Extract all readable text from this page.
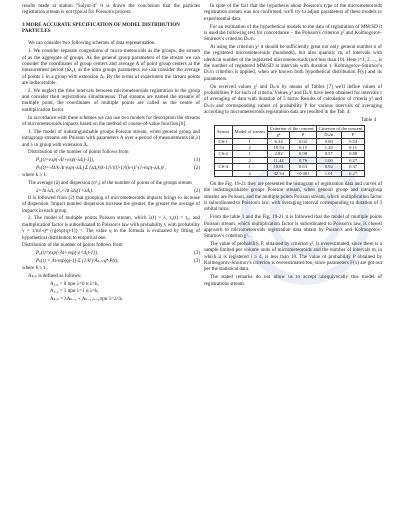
results made at station "Salyut-4" it is drawn the conclusion that the particles registration stream is not typical for Poisson's process.

3 MORE ACCURATE SPECIFICATION OF MODEL DISTRIBUTION PARTICLES

We can consider two following schemes of data representation.

1. We consider separate congestions of micro-meteoroids as the groups, the stream of as the aggregate of groups. As the general group parameters of the stream we can consider the coordinates of group centers and average A of point group centers at the measurement period (δλ₀), as the intra groups parameters we can consider the average of points λ in a group with extension Δᵢ. By the terms of experiment the stream points are indiscernible.

2. We neglect the time intervals between micrometeoroids registration in the group and consider their registrations simultaneous. That streams are named the streams of multiple point, the coordinates of multiple points are called as the centre of multiplication factor.

In accordance with these schemes we can use two models for description the streams of micrometeoroids impacts based on the method of course-of-value function [6].

1. The model of indistinguishable groups Poisson stream, when general group and intragroup streams are Poisson with parameters A over a period of measurements (δt,λ) and λ in group with extension Δᵢ.

Distribution of the number of points follows from

P₀(t)=exp(-Λt+exp(-λΔᵢ)-1]),	(1)
Pₖ(t)=-Λt/k·Λt·exp(-λΔᵢ)·Σ (λΔᵢ)ⁱ(k-1)!/i!(i-1)!(k-i)!·(1-exp(-λΔᵢ))ⁱ,	(2)

where k ≥ 1.

The average (ā) and dispersion (σ²ₐ) of the number of points of the groups stream

ā=Λt·λΔᵢ, σ²ₐ=Λt·λΔᵢ(1+λΔᵢ).	(2)

It is followed from (2) that grouping of micrometeoroids impacts brings to increase of dispersion. Impact number dispersion increase the greater, the greater the average of impacts in each group.

2. The model of multiple points Poisson stream, which λ(t) = λ, τ₀(t) = τ₀, and multiplication factor is subordinated to Poisson's law with probability v with probability v = 1/m!·qᵐ·{η[exp(q)-1]}⁻¹. The value q in the formula is evaluated by fitting of hypothetical distribution to empirical one.

Distribution of the number of points follows from

P₀(t)=exp{-Λt+exp(-λ=Δᵢ)-1]},	(3)
Pₖ(t) = Λt/exp(q)-1]·Σ (1/k!)·Aₖ,ₙ·qⁿ·P(t),	(3)

where k ≥ 1,

Aₖ,ₙ is defined as follows:

A₁,₀ = 0 при λ=0 и λ>k,

A₁,₁ = 1 при λ=1 и λ=k,

Aₖ,ₙ = λAₖ₋₁ + Aₖ₋₁,ₙ₋₁при 1<λ<k.

In spite of the fact that the hypothesis about Poisson's type of the micrometeoroids registration stream was not confirmed, we'll try to adjust parameters of these models to experimental data.

For an estimation of the hypothetical models to the data of registration of MM/SD it is used the following test for concordance – the Poisson's criterion χ² and Kolmogorov-Smirnov's criterion Dₙ/n.

At using the criterion χ² it should be sufficiently great not only general number n of the registered micrometeoroids (hundreds), but also quantity mᵢ of intervals with identical number of the registered micrometeoroids (not less than 10). Here i=1, 2, ..., is the number of registered MM/SD at intervals with duration τ. Kolmogorov-Smirnov's Dₙ/n criterion is applied, when are known both hypothetical distribution F(y) and its parameters.

On received values χ² and Dₙ/n by means of Tables [7] we'll define values of probabilities P for each of criteria. Values χ² and Dₙ/n have been obtained for intervals τ of averaging of data with duration of 5 turns. Results of calculation of criteria χ² and Dₙ/n and corresponding values of probability P for various intervals of averaging according to micrometeoroids registration data are resulted in the Tab. 4.

Table 4

Sensor	Model of stream	Criterion of the concent		Criterion of the concent	
		χ²	P	Dₙ/n	P
CS-1	1	6.34	0.02	0.80	0.54
	2	18.54	0.15	1.20	0.11
CS-2	1	2.82	0.98	0.57	0.89
	2	11.42	0.76	1.00	0.27
CS-4	1	10.81	0.63	0.92	0.37
	2	42.34	<0.001	1.01	0.27

On the Fig. 19-21 they are presented the histogram of registration data and curves of the indistinguishable groups Poisson stream, when general group and intragroup streams are Poisson, and the multiple points Poisson stream, which multiplication factor is subordinated to Poisson's law, with averaging interval corresponding to duration of 3 orbital turns.

From the table 1 and the Fig. 19-21 it is followed that the model of multiple points Poisson stream, which multiplication factor is subordinated to Poisson's law, is closest approach to micrometeoroids registration data obtain by Poison's and Kolmogorov-Smirnov's criterion χ².

The value of probability P, obtained by criterion χ², is overestimated, since there is a sample limited per volume units of micrometeoroids and the number of intervals mᵢ in which it is registered i ≥ 4, is less than 10. The value of probability P obtained by Kolmogorov-Smirnov's criterion is overestimated too, since parameters F(x) are got out per the statistical data.

The stated remarks do not allow us to accept unequivocally this model of registrations stream.
